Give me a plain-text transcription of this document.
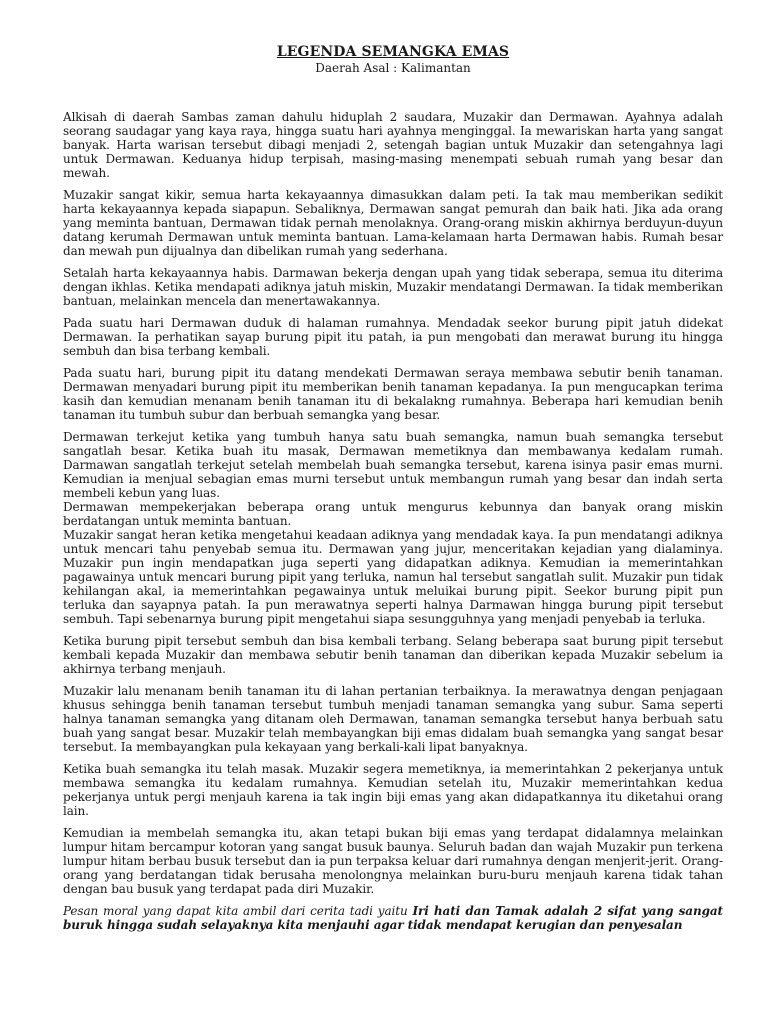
LEGENDA SEMANGKA EMAS

Daerah Asal : Kalimantan

Alkisah di daerah Sambas zaman dahulu hiduplah 2 saudara, Muzakir dan Dermawan. Ayahnya adalah seorang saudagar yang kaya raya, hingga suatu hari ayahnya menginggal. Ia mewariskan harta yang sangat banyak. Harta warisan tersebut dibagi menjadi 2, setengah bagian untuk Muzakir dan setengahnya lagi untuk Dermawan. Keduanya hidup terpisah, masing-masing menempati sebuah rumah yang besar dan mewah.

Muzakir sangat kikir, semua harta kekayaannya dimasukkan dalam peti. Ia tak mau memberikan sedikit harta kekayaannya kepada siapapun. Sebaliknya, Dermawan sangat pemurah dan baik hati. Jika ada orang yang meminta bantuan, Dermawan tidak pernah menolaknya. Orang-orang miskin akhirnya berduyun-duyun datang kerumah Dermawan untuk meminta bantuan. Lama-kelamaan harta Dermawan habis. Rumah besar dan mewah pun dijualnya dan dibelikan rumah yang sederhana.

Setalah harta kekayaannya habis. Darmawan bekerja dengan upah yang tidak seberapa, semua itu diterima dengan ikhlas. Ketika mendapati adiknya jatuh miskin, Muzakir mendatangi Dermawan. Ia tidak memberikan bantuan, melainkan mencela dan menertawakannya.

Pada suatu hari Dermawan duduk di halaman rumahnya. Mendadak seekor burung pipit jatuh didekat Dermawan. Ia perhatikan sayap burung pipit itu patah, ia pun mengobati dan merawat burung itu hingga sembuh dan bisa terbang kembali.

Pada suatu hari, burung pipit itu datang mendekati Dermawan seraya membawa sebutir benih tanaman. Dermawan menyadari burung pipit itu memberikan benih tanaman kepadanya. Ia pun mengucapkan terima kasih dan kemudian menanam benih tanaman itu di bekalakng rumahnya. Beberapa hari kemudian benih tanaman itu tumbuh subur dan berbuah semangka yang besar.

Dermawan terkejut ketika yang tumbuh hanya satu buah semangka, namun buah semangka tersebut sangatlah besar. Ketika buah itu masak, Dermawan memetiknya dan membawanya kedalam rumah. Darmawan sangatlah terkejut setelah membelah buah semangka tersebut, karena isinya pasir emas murni. Kemudian ia menjual sebagian emas murni tersebut untuk membangun rumah yang besar dan indah serta membeli kebun yang luas.

Dermawan mempekerjakan beberapa orang untuk mengurus kebunnya dan banyak orang miskin berdatangan untuk meminta bantuan.

Muzakir sangat heran ketika mengetahui keadaan adiknya yang mendadak kaya. Ia pun mendatangi adiknya untuk mencari tahu penyebab semua itu. Dermawan yang jujur, menceritakan kejadian yang dialaminya. Muzakir pun ingin mendapatkan juga seperti yang didapatkan adiknya. Kemudian ia memerintahkan pagawainya untuk mencari burung pipit yang terluka, namun hal tersebut sangatlah sulit. Muzakir pun tidak kehilangan akal, ia memerintahkan pegawainya untuk meluikai burung pipit. Seekor burung pipit pun terluka dan sayapnya patah. Ia pun merawatnya seperti halnya Darmawan hingga burung pipit tersebut sembuh. Tapi sebenarnya burung pipit mengetahui siapa sesungguhnya yang menjadi penyebab ia terluka.

Ketika burung pipit tersebut sembuh dan bisa kembali terbang. Selang beberapa saat burung pipit tersebut kembali kepada Muzakir dan membawa sebutir benih tanaman dan diberikan kepada Muzakir sebelum ia akhirnya terbang menjauh.

Muzakir lalu menanam benih tanaman itu di lahan pertanian terbaiknya. Ia merawatnya dengan penjagaan khusus sehingga benih tanaman tersebut tumbuh menjadi tanaman semangka yang subur. Sama seperti halnya tanaman semangka yang ditanam oleh Dermawan, tanaman semangka tersebut hanya berbuah satu buah yang sangat besar. Muzakir telah membayangkan biji emas didalam buah semangka yang sangat besar tersebut. Ia membayangkan pula kekayaan yang berkali-kali lipat banyaknya.

Ketika buah semangka itu telah masak. Muzakir segera memetiknya, ia memerintahkan 2 pekerjanya untuk membawa semangka itu kedalam rumahnya. Kemudian setelah itu, Muzakir memerintahkan kedua pekerjanya untuk pergi menjauh karena ia tak ingin biji emas yang akan didapatkannya itu diketahui orang lain.

Kemudian ia membelah semangka itu, akan tetapi bukan biji emas yang terdapat didalamnya melainkan lumpur hitam bercampur kotoran yang sangat busuk baunya. Seluruh badan dan wajah Muzakir pun terkena lumpur hitam berbau busuk tersebut dan ia pun terpaksa keluar dari rumahnya dengan menjerit-jerit. Orang-orang yang berdatangan tidak berusaha menolongnya melainkan buru-buru menjauh karena tidak tahan dengan bau busuk yang terdapat pada diri Muzakir.

Pesan moral yang dapat kita ambil dari cerita tadi yaitu Iri hati dan Tamak adalah 2 sifat yang sangat buruk hingga sudah selayaknya kita menjauhi agar tidak mendapat kerugian dan penyesalan
